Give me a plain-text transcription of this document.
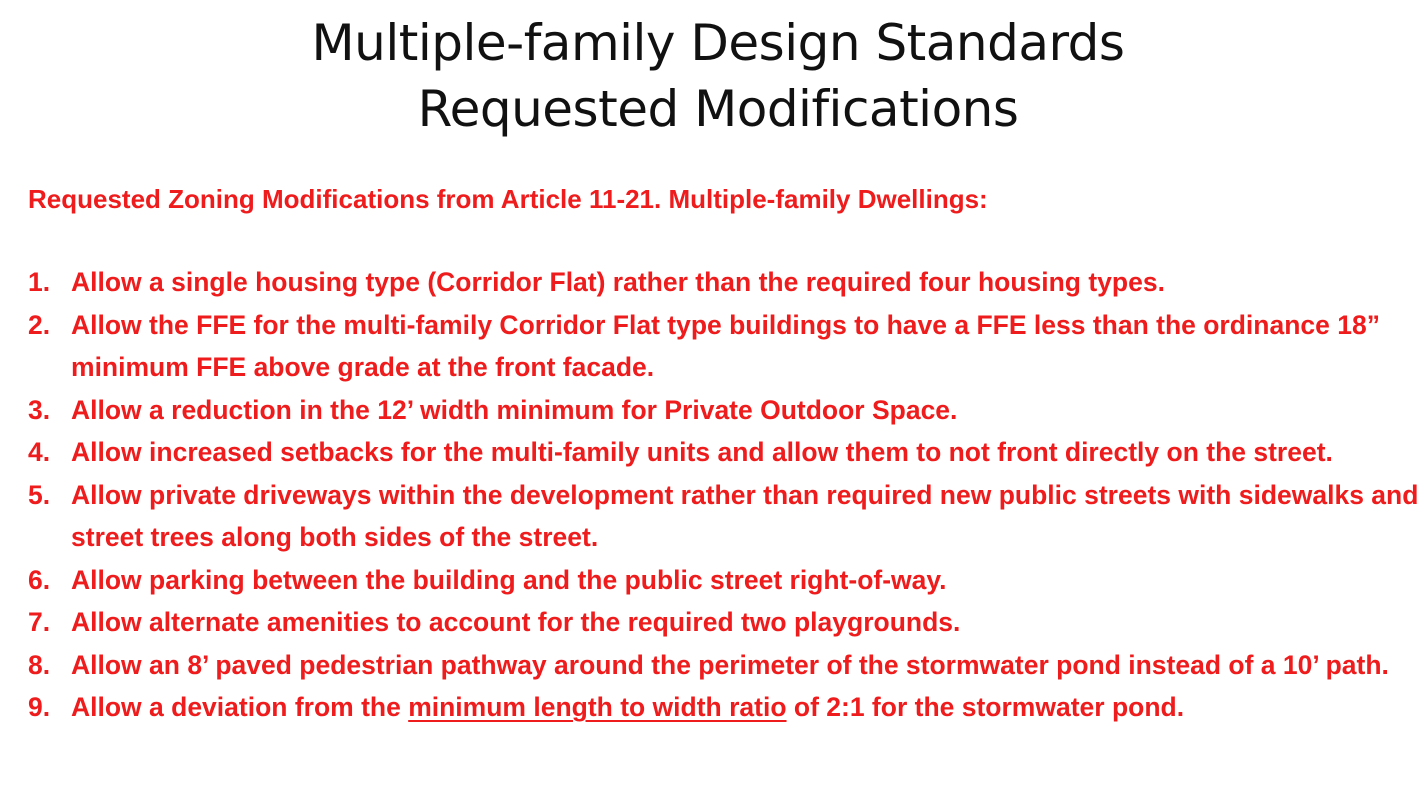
Multiple-family Design Standards
Requested Modifications
Requested Zoning Modifications from Article 11-21. Multiple-family Dwellings:
1. Allow a single housing type (Corridor Flat) rather than the required four housing types.
2. Allow the FFE for the multi-family Corridor Flat type buildings to have a FFE less than the ordinance 18” minimum FFE above grade at the front facade.
3. Allow a reduction in the 12’ width minimum for Private Outdoor Space.
4. Allow increased setbacks for the multi-family units and allow them to not front directly on the street.
5. Allow private driveways within the development rather than required new public streets with sidewalks and street trees along both sides of the street.
6. Allow parking between the building and the public street right-of-way.
7. Allow alternate amenities to account for the required two playgrounds.
8. Allow an 8’ paved pedestrian pathway around the perimeter of the stormwater pond instead of a 10’ path.
9. Allow a deviation from the minimum length to width ratio of 2:1 for the stormwater pond.
